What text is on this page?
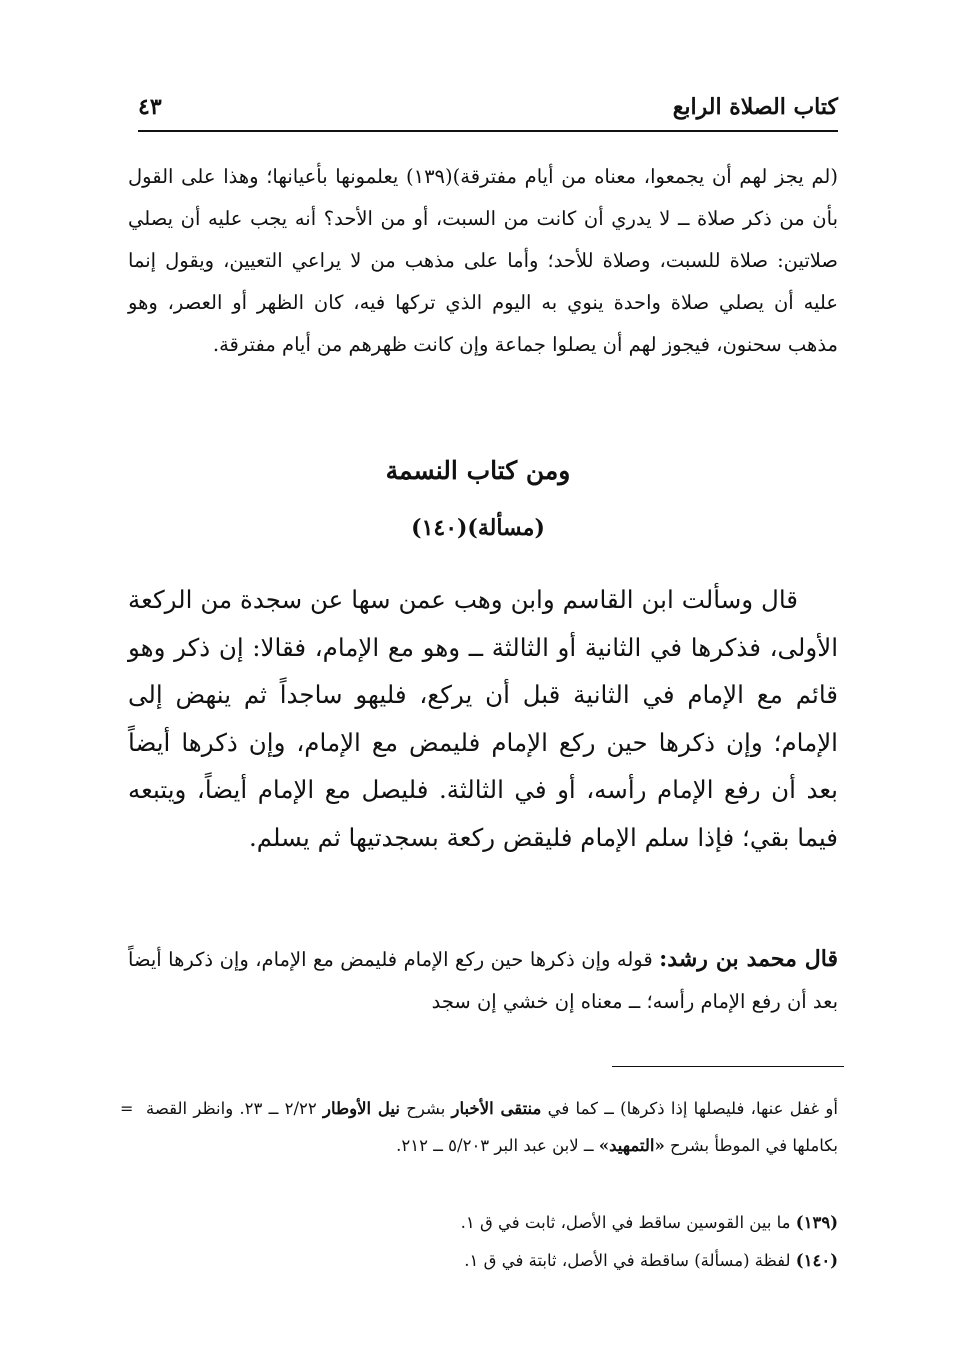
كتاب الصلاة الرابع
٤٣
(لم يجز لهم أن يجمعوا، معناه من أيام مفترقة)(١٣٩) يعلمونها بأعيانها؛ وهذا على القول بأن من ذكر صلاة ــ لا يدري أن كانت من السبت، أو من الأحد؟ أنه يجب عليه أن يصلي صلاتين: صلاة للسبت، وصلاة للأحد؛ وأما على مذهب من لا يراعي التعيين، ويقول إنما عليه أن يصلي صلاة واحدة ينوي به اليوم الذي تركها فيه، كان الظهر أو العصر، وهو مذهب سحنون، فيجوز لهم أن يصلوا جماعة وإن كانت ظهرهم من أيام مفترقة.
ومن كتاب النسمة
(مسألة)(١٤٠)
قال وسألت ابن القاسم وابن وهب عمن سها عن سجدة من الركعة الأولى، فذكرها في الثانية أو الثالثة ــ وهو مع الإمام، فقالا: إن ذكر وهو قائم مع الإمام في الثانية قبل أن يركع، فليهو ساجداً ثم ينهض إلى الإمام؛ وإن ذكرها حين ركع الإمام فليمض مع الإمام، وإن ذكرها أيضاً بعد أن رفع الإمام رأسه، أو في الثالثة. فليصل مع الإمام أيضاً، ويتبعه فيما بقي؛ فإذا سلم الإمام فليقض ركعة بسجدتيها ثم يسلم.
قال محمد بن رشد: قوله وإن ذكرها حين ركع الإمام فليمض مع الإمام، وإن ذكرها أيضاً بعد أن رفع الإمام رأسه؛ ــ معناه إن خشي إن سجد
=	أو غفل عنها، فليصلها إذا ذكرها) ــ كما في منتقى الأخبار بشرح نيل الأوطار ٢/٢٢ ــ ٢٣. وانظر القصة بكاملها في الموطأ بشرح «التمهيد» ــ لابن عبد البر ٥/٢٠٣ ــ ٢١٢.
(١٣٩) ما بين القوسين ساقط في الأصل، ثابت في ق ١.
(١٤٠) لفظة (مسألة) ساقطة في الأصل، ثابتة في ق ١.
